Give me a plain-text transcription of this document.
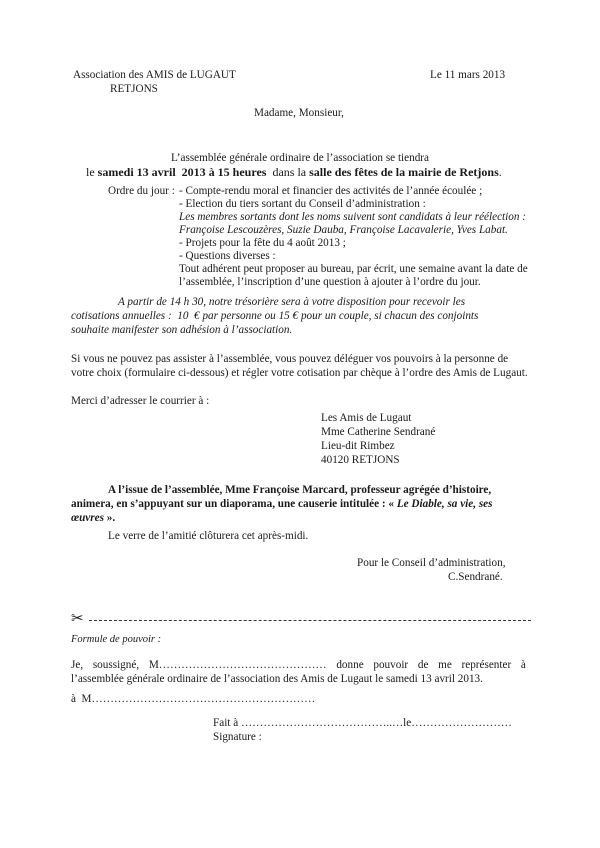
Association des AMIS de LUGAUT
RETJONS
Le 11 mars 2013
Madame, Monsieur,
L’assemblée générale ordinaire de l’association se tiendra
le samedi 13 avril  2013 à 15 heures  dans la salle des fêtes de la mairie de Retjons.
Ordre du jour : - Compte-rendu moral et financier des activités de l’année écoulée ;
- Election du tiers sortant du Conseil d’administration :
Les membres sortants dont les noms suivent sont candidats à leur réélection :
Françoise Lescouzères, Suzie Dauba, Françoise Lacavalerie, Yves Labat.
- Projets pour la fête du 4 août 2013 ;
- Questions diverses :
Tout adhérent peut proposer au bureau, par écrit, une semaine avant la date de
l’assemblée, l’inscription d’une question à ajouter à l’ordre du jour.
A partir de 14 h 30, notre trésorière sera à votre disposition pour recevoir les
cotisations annuelles :  10  € par personne ou 15 € pour un couple, si chacun des conjoints
souhaite manifester son adhésion à l’association.
Si vous ne pouvez pas assister à l’assemblée, vous pouvez déléguer vos pouvoirs à la personne de
votre choix (formulaire ci-dessous) et régler votre cotisation par chèque à l’ordre des Amis de Lugaut.
Merci d’adresser le courrier à :
Les Amis de Lugaut
Mme Catherine Sendrané
Lieu-dit Rimbez
40120 RETJONS
A l’issue de l’assemblée, Mme Françoise Marcard, professeur agrégée d’histoire,
animera, en s’appuyant sur un diaporama, une causerie intitulée : « Le Diable, sa vie, ses
œuvres ».
Le verre de l’amitié clôturera cet après-midi.
Pour le Conseil d’administration,
C.Sendrané.
✂
Formule de pouvoir :
Je, soussigné, M……………………………………… donne pouvoir de me représenter à
l’assemblée générale ordinaire de l’association des Amis de Lugaut le samedi 13 avril 2013.
à  M……………………………………………………
Fait à …………………………………..…le………………………
Signature :
